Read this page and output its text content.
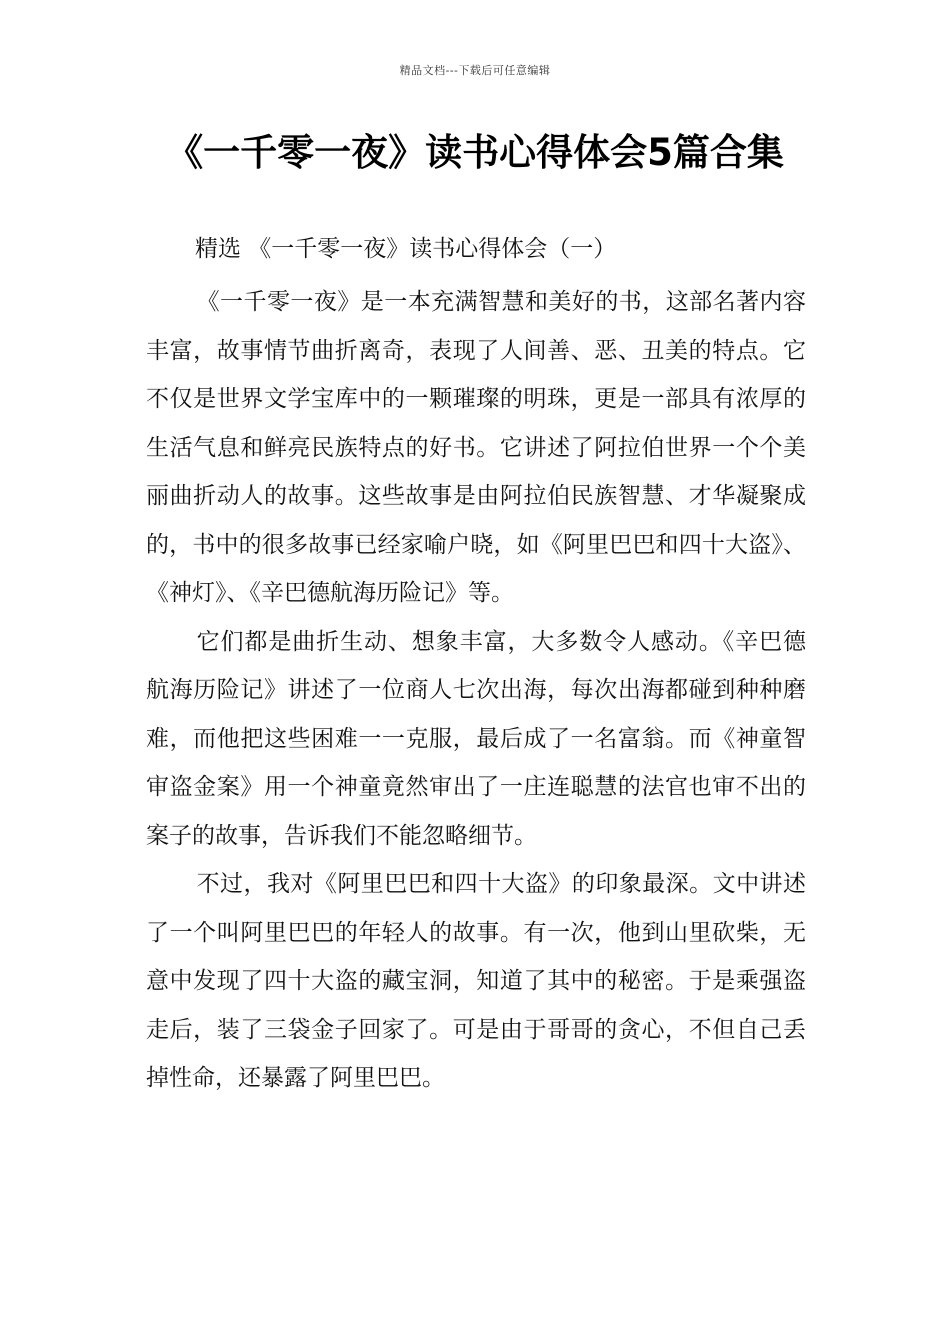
精品文档---下载后可任意编辑
《一千零一夜》读书心得体会5篇合集
精选 《一千零一夜》读书心得体会（一）

《一千零一夜》是一本充满智慧和美好的书，这部名著内容丰富，故事情节曲折离奇，表现了人间善、恶、丑美的特点。它不仅是世界文学宝库中的一颗璀璨的明珠，更是一部具有浓厚的生活气息和鲜亮民族特点的好书。它讲述了阿拉伯世界一个个美丽曲折动人的故事。这些故事是由阿拉伯民族智慧、才华凝聚成的，书中的很多故事已经家喻户晓，如《阿里巴巴和四十大盗》、《神灯》、《辛巴德航海历险记》等。

它们都是曲折生动、想象丰富，大多数令人感动。《辛巴德航海历险记》讲述了一位商人七次出海，每次出海都碰到种种磨难，而他把这些困难一一克服，最后成了一名富翁。而《神童智审盗金案》用一个神童竟然审出了一庄连聪慧的法官也审不出的案子的故事，告诉我们不能忽略细节。

不过，我对《阿里巴巴和四十大盗》的印象最深。文中讲述了一个叫阿里巴巴的年轻人的故事。有一次，他到山里砍柴，无意中发现了四十大盗的藏宝洞，知道了其中的秘密。于是乘强盗走后，装了三袋金子回家了。可是由于哥哥的贪心，不但自己丢掉性命，还暴露了阿里巴巴。
